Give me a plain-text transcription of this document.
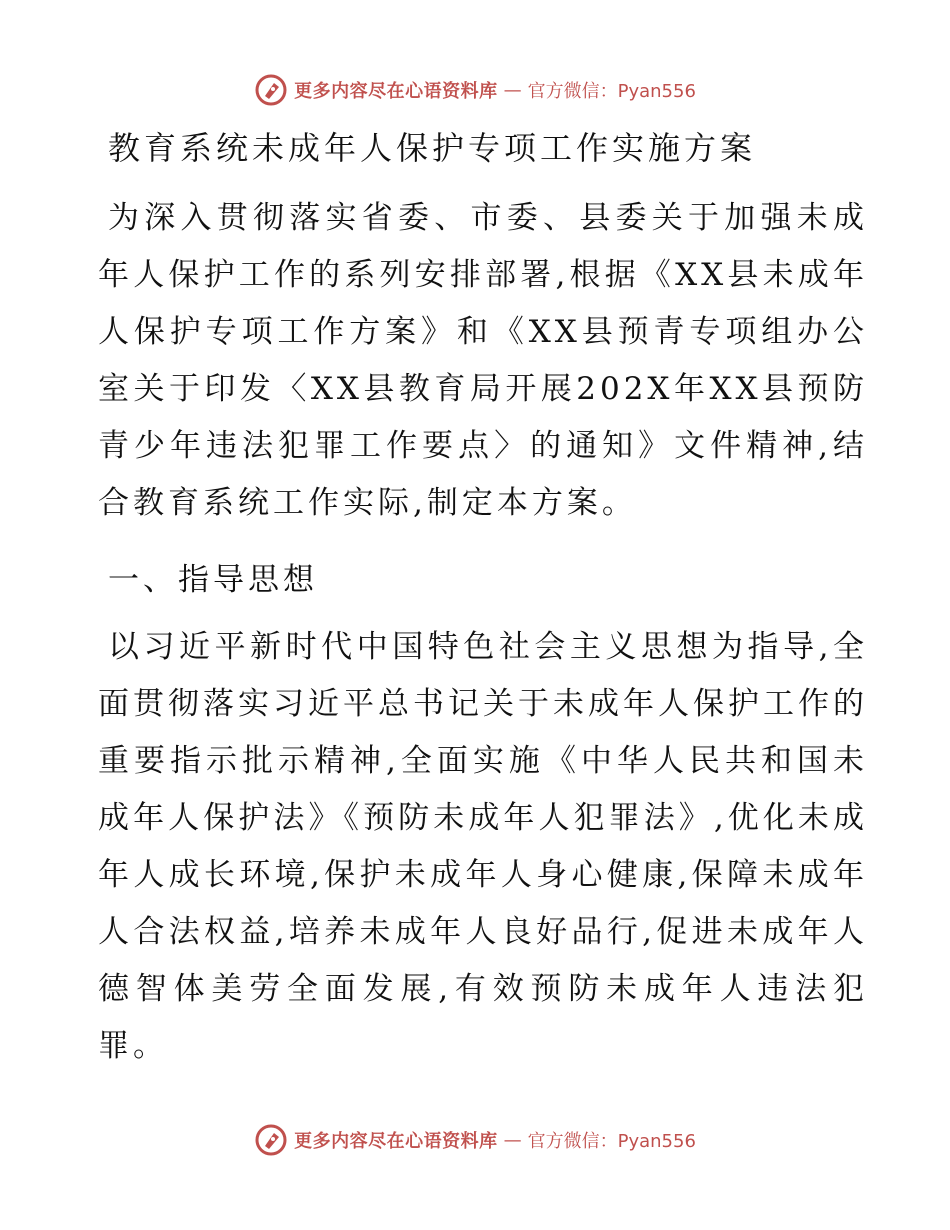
更多内容尽在心语资料库 — 官方微信：Pyan556
教育系统未成年人保护专项工作实施方案

为深入贯彻落实省委、市委、县委关于加强未成年人保护工作的系列安排部署,根据《XX县未成年人保护专项工作方案》和《XX县预青专项组办公室关于印发〈XX县教育局开展202X年XX县预防青少年违法犯罪工作要点〉的通知》文件精神,结合教育系统工作实际,制定本方案。

一、指导思想

以习近平新时代中国特色社会主义思想为指导,全面贯彻落实习近平总书记关于未成年人保护工作的重要指示批示精神,全面实施《中华人民共和国未成年人保护法》《预防未成年人犯罪法》,优化未成年人成长环境,保护未成年人身心健康,保障未成年人合法权益,培养未成年人良好品行,促进未成年人德智体美劳全面发展,有效预防未成年人违法犯罪。

更多内容尽在心语资料库 — 官方微信：Pyan556
